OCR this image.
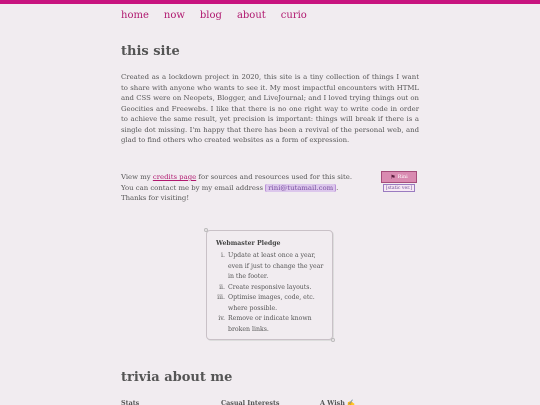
home now blog about curio
this site

Created as a lockdown project in 2020, this site is a tiny collection of things I want to share with anyone who wants to see it. My most impactful encounters with HTML and CSS were on Neopets, Blogger, and LiveJournal; and I loved trying things out on Geocities and Freewebs. I like that there is no one right way to write code in order to achieve the same result, yet precision is important: things will break if there is a single dot missing. I'm happy that there has been a revival of the personal web, and glad to find others who created websites as a form of expression.

View my credits page for sources and resources used for this site.
You can contact me by my email address rini@tutamail.com .
Thanks for visiting!

⚑ Rini
[static ver.]
Webmaster Pledge
i. Update at least once a year, even if just to change the year in the footer.
ii. Create responsive layouts.
iii. Optimise images, code, etc. where possible.
iv. Remove or indicate known broken links.
trivia about me
Stats	Casual Interests	A Wish ✍
